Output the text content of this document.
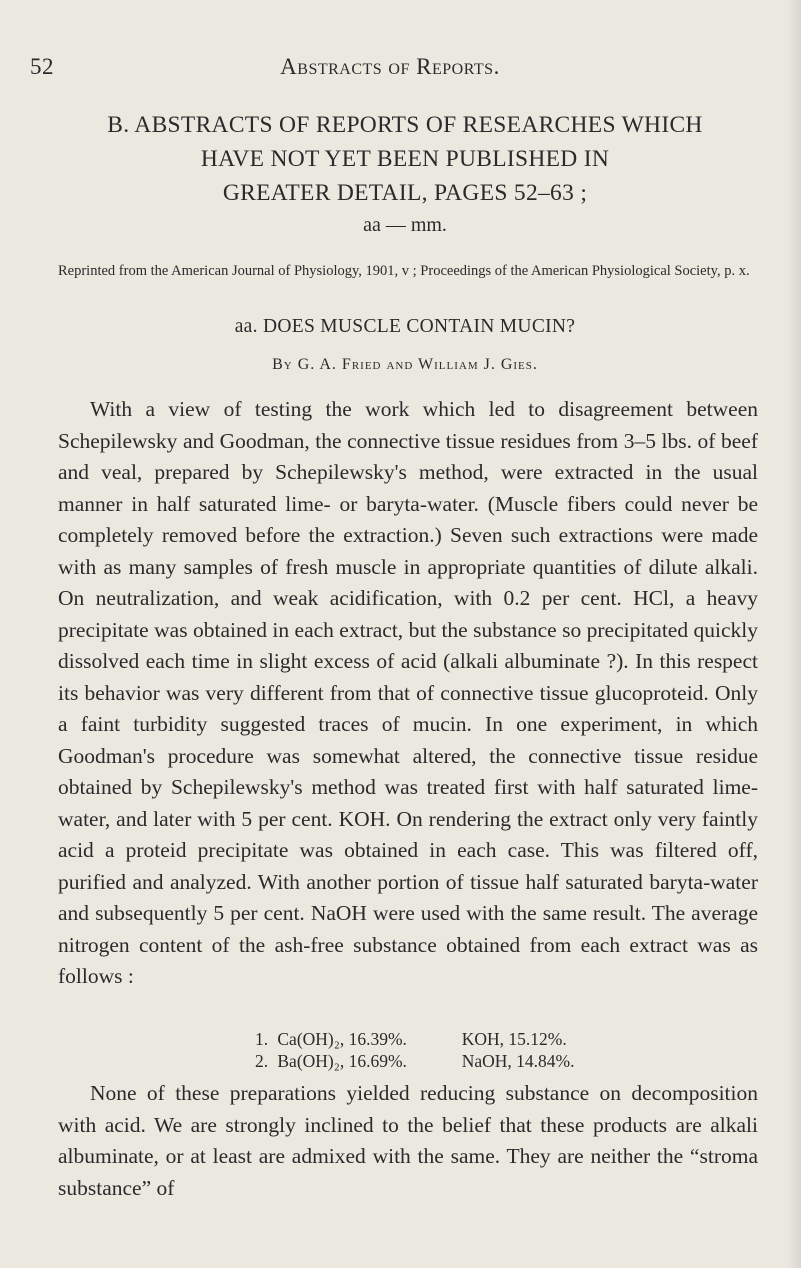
52	Abstracts of Reports.
B. ABSTRACTS OF REPORTS OF RESEARCHES WHICH
HAVE NOT YET BEEN PUBLISHED IN
GREATER DETAIL, PAGES 52–63 ;
aa — mm.
Reprinted from the American Journal of Physiology, 1901, v ; Proceedings of the American Physiological Society, p. x.
aa. DOES MUSCLE CONTAIN MUCIN?
By G. A. Fried and William J. Gies.

With a view of testing the work which led to disagreement between Schepilewsky and Goodman, the connective tissue residues from 3–5 lbs. of beef and veal, prepared by Schepilewsky's method, were extracted in the usual manner in half saturated lime- or baryta-water. (Muscle fibers could never be completely removed before the extraction.) Seven such extractions were made with as many samples of fresh muscle in appropriate quantities of dilute alkali. On neutralization, and weak acidification, with 0.2 per cent. HCl, a heavy precipitate was obtained in each extract, but the substance so precipitated quickly dissolved each time in slight excess of acid (alkali albuminate ?). In this respect its behavior was very different from that of connective tissue glucoproteid. Only a faint turbidity suggested traces of mucin. In one experiment, in which Goodman's procedure was somewhat altered, the connective tissue residue obtained by Schepilewsky's method was treated first with half saturated lime-water, and later with 5 per cent. KOH. On rendering the extract only very faintly acid a proteid precipitate was obtained in each case. This was filtered off, purified and analyzed. With another portion of tissue half saturated baryta-water and subsequently 5 per cent. NaOH were used with the same result. The average nitrogen content of the ash-free substance obtained from each extract was as follows :

1. Ca(OH)₂, 16.39%.	KOH, 15.12%.
2. Ba(OH)₂, 16.69%.	NaOH, 14.84%.

None of these preparations yielded reducing substance on decomposition with acid. We are strongly inclined to the belief that these products are alkali albuminate, or at least are admixed with the same. They are neither the “stroma substance” of
